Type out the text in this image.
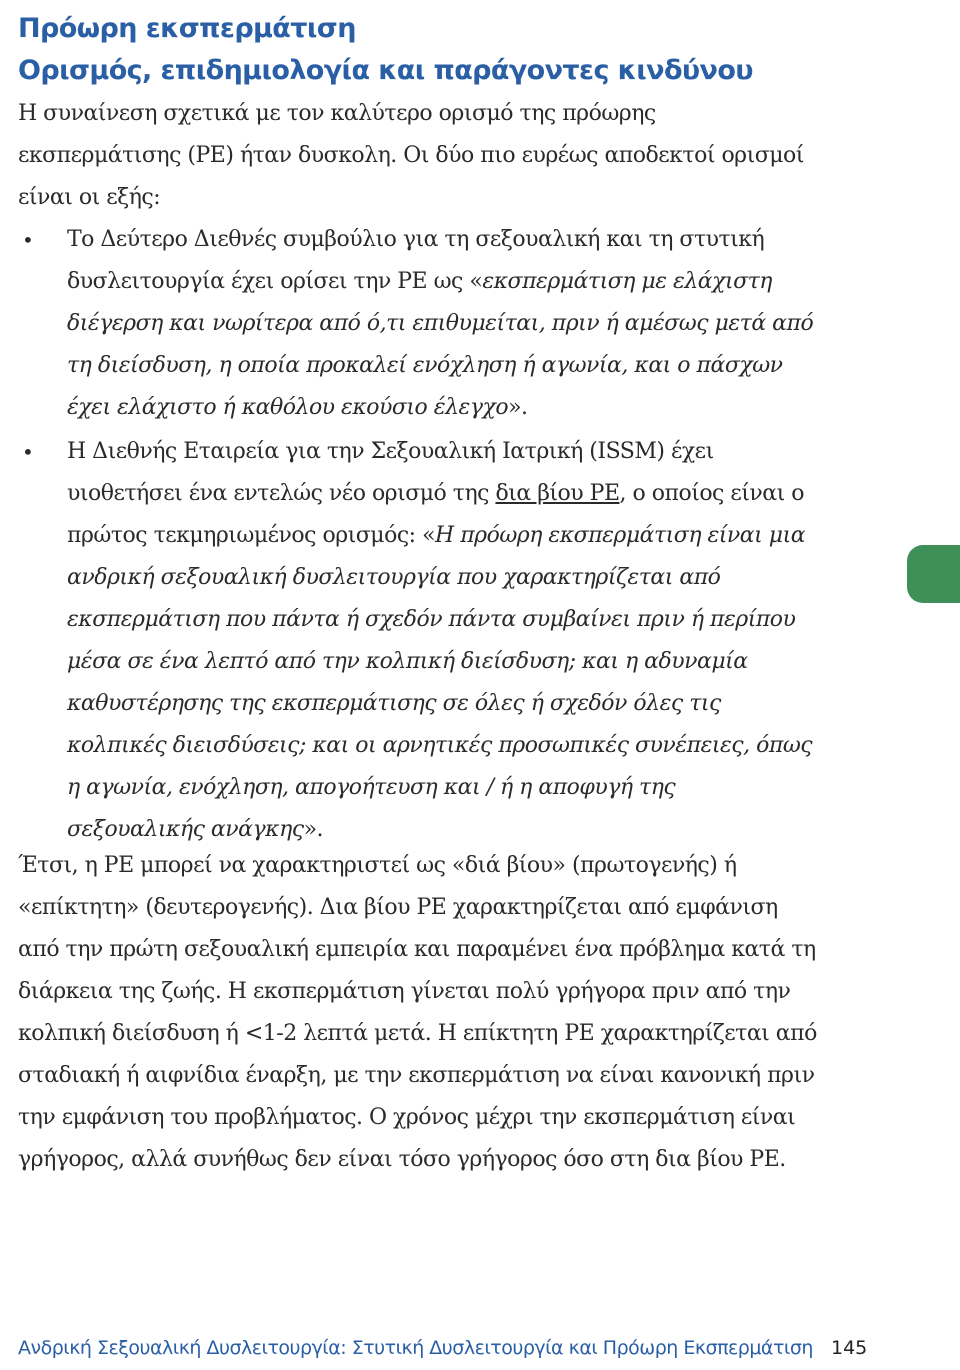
Πρόωρη εκσπερμάτιση
Ορισμός, επιδημιολογία και παράγοντες κινδύνου

Η συναίνεση σχετικά με τον καλύτερο ορισμό της πρόωρης εκσπερμάτισης (PE) ήταν δυσκολη. Οι δύο πιο ευρέως αποδεκτοί ορισμοί είναι οι εξής:

• Το Δεύτερο Διεθνές συμβούλιο για τη σεξουαλική και τη στυτική δυσλειτουργία έχει ορίσει την PE ως «εκσπερμάτιση με ελάχιστη διέγερση και νωρίτερα από ό,τι επιθυμείται, πριν ή αμέσως μετά από τη διείσδυση, η οποία προκαλεί ενόχληση ή αγωνία, και ο πάσχων έχει ελάχιστο ή καθόλου εκούσιο έλεγχο».
• Η Διεθνής Εταιρεία για την Σεξουαλική Ιατρική (ISSM) έχει υιοθετήσει ένα εντελώς νέο ορισμό της δια βίου PE, ο οποίος είναι ο πρώτος τεκμηριωμένος ορισμός: «Η πρόωρη εκσπερμάτιση είναι μια ανδρική σεξουαλική δυσλειτουργία που χαρακτηρίζεται από εκσπερμάτιση που πάντα ή σχεδόν πάντα συμβαίνει πριν ή περίπου μέσα σε ένα λεπτό από την κολπική διείσδυση; και η αδυναμία καθυστέρησης της εκσπερμάτισης σε όλες ή σχεδόν όλες τις κολπικές διεισδύσεις; και οι αρνητικές προσωπικές συνέπειες, όπως η αγωνία, ενόχληση, απογοήτευση και / ή η αποφυγή της σεξουαλικής ανάγκης».

Έτσι, η PE μπορεί να χαρακτηριστεί ως «διά βίου» (πρωτογενής) ή «επίκτητη» (δευτερογενής). Δια βίου PE χαρακτηρίζεται από εμφάνιση από την πρώτη σεξουαλική εμπειρία και παραμένει ένα πρόβλημα κατά τη διάρκεια της ζωής. Η εκσπερμάτιση γίνεται πολύ γρήγορα πριν από την κολπική διείσδυση ή <1-2 λεπτά μετά. Η επίκτητη PE χαρακτηρίζεται από σταδιακή ή αιφνίδια έναρξη, με την εκσπερμάτιση να είναι κανονική πριν την εμφάνιση του προβλήματος. Ο χρόνος μέχρι την εκσπερμάτιση είναι γρήγορος, αλλά συνήθως δεν είναι τόσο γρήγορος όσο στη δια βίου PE.

Ανδρική Σεξουαλική Δυσλειτουργία: Στυτική Δυσλειτουργία και Πρόωρη Εκσπερμάτιση 145
